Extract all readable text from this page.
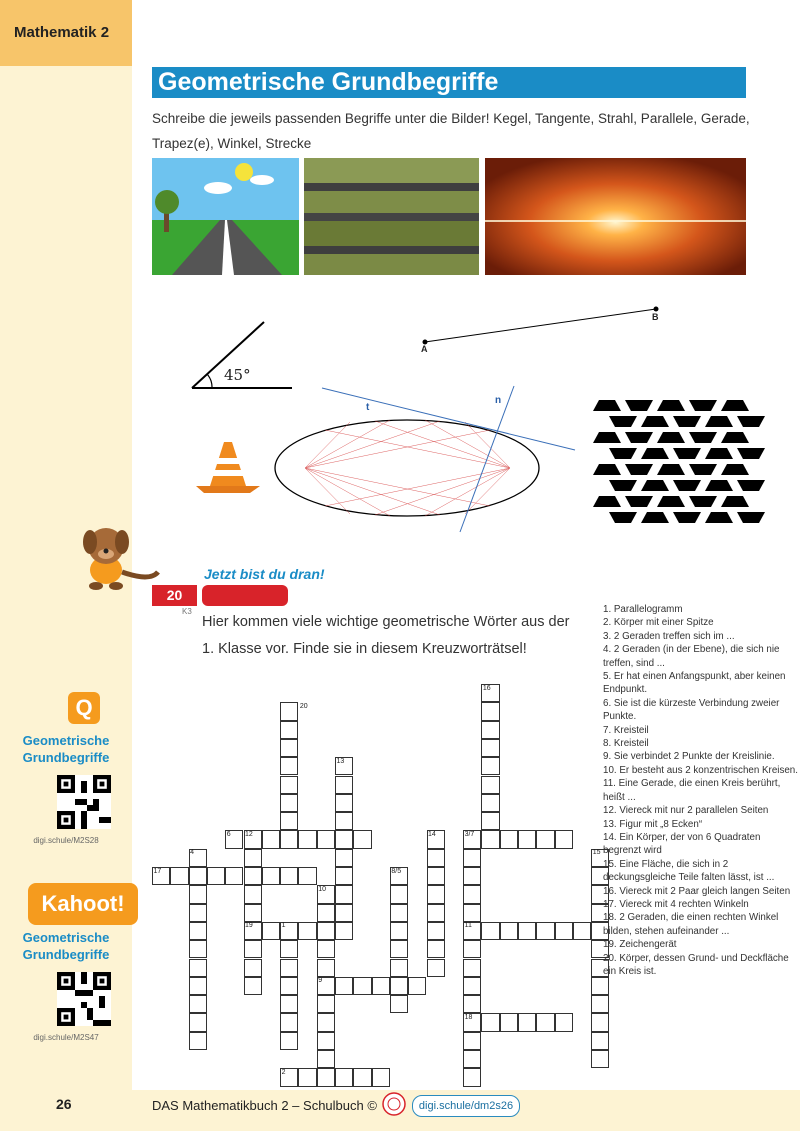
Mathematik 2
Geometrische Grundbegriffe
Schreibe die jeweils passenden Begriffe unter die Bilder! Kegel, Tangente, Strahl, Parallele, Gerade, Trapez(e), Winkel, Strecke
45°
A
B
t
n
Jetzt bist du dran!
20
K3
Hier kommen viele wichtige geometrische Wörter aus der 1. Klasse vor. Finde sie in diesem Kreuzworträtsel!
20
16
13
6 12	14	3/7
4	15
17	8/5
10
19	1	11
9
18
2
1. Parallelogramm
2. Körper mit einer Spitze
3. 2 Geraden treffen sich im ...
4. 2 Geraden (in der Ebene), die sich nie treffen, sind ...
5. Er hat einen Anfangspunkt, aber keinen Endpunkt.
6. Sie ist die kürzeste Verbindung zweier Punkte.
7. Kreisteil
8. Kreisteil
9. Sie verbindet 2 Punkte der Kreislinie.
10. Er besteht aus 2 konzentrischen Kreisen.
11. Eine Gerade, die einen Kreis berührt, heißt ...
12. Viereck mit nur 2 parallelen Seiten
13. Figur mit „8 Ecken“
14. Ein Körper, der von 6 Quadraten begrenzt wird
15. Eine Fläche, die sich in 2 deckungsgleiche Teile falten lässt, ist ...
16. Viereck mit 2 Paar gleich langen Seiten
17. Viereck mit 4 rechten Winkeln
18. 2 Geraden, die einen rechten Winkel bilden, stehen aufeinander ...
19. Zeichengerät
20. Körper, dessen Grund- und Deckfläche ein Kreis ist.
Q
Geometrische Grundbegriffe
digi.schule/M2S28
Kahoot!
Geometrische Grundbegriffe
digi.schule/M2S47
26	DAS Mathematikbuch 2 – Schulbuch ©	digi.schule/dm2s26
